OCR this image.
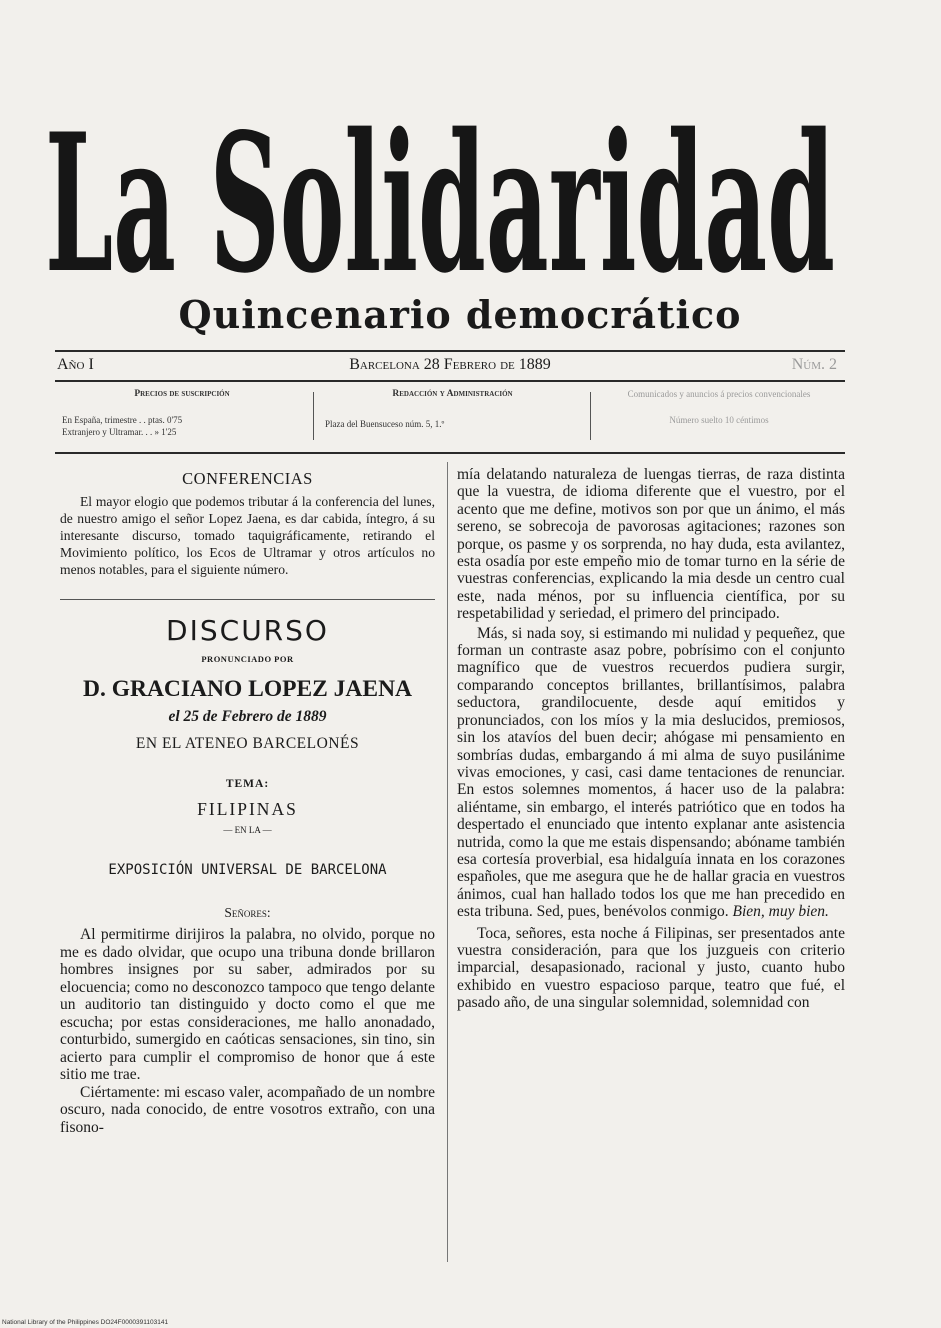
La Solidaridad
Quincenario democrático
Año I	Barcelona 28 Febrero de 1889	Núm. 2
Precios de suscripción
En España, trimestre . . ptas. 0'75
Extranjero y Ultramar. . . » 1'25
Redacción y Administración
Plaza del Buensuceso núm. 5, 1.º
Comunicados y anuncios á precios convencionales
Número suelto 10 céntimos
CONFERENCIAS

El mayor elogio que podemos tributar á la conferencia del lunes, de nuestro amigo el señor Lopez Jaena, es dar cabida, íntegro, á su interesante discurso, tomado taquigráficamente, retirando el Movimiento político, los Ecos de Ultramar y otros artículos no menos notables, para el siguiente número.

DISCURSO
PRONUNCIADO POR
D. GRACIANO LOPEZ JAENA
el 25 de Febrero de 1889
EN EL ATENEO BARCELONÉS
TEMA:
FILIPINAS
— EN LA —
EXPOSICIÓN UNIVERSAL DE BARCELONA
Señores:

Al permitirme dirijiros la palabra, no olvido, porque no me es dado olvidar, que ocupo una tribuna donde brillaron hombres insignes por su saber, admirados por su elocuencia; como no desconozco tampoco que tengo delante un auditorio tan distinguido y docto como el que me escucha; por estas consideraciones, me hallo anonadado, conturbido, sumergido en caóticas sensaciones, sin tino, sin acierto para cumplir el compromiso de honor que á este sitio me trae.

Ciértamente: mi escaso valer, acompañado de un nombre oscuro, nada conocido, de entre vosotros extraño, con una fisono-

mía delatando naturaleza de luengas tierras, de raza distinta que la vuestra, de idioma diferente que el vuestro, por el acento que me define, motivos son por que un ánimo, el más sereno, se sobrecoja de pavorosas agitaciones; razones son porque, os pasme y os sorprenda, no hay duda, esta avilantez, esta osadía por este empeño mio de tomar turno en la série de vuestras conferencias, explicando la mia desde un centro cual este, nada ménos, por su influencia científica, por su respetabilidad y seriedad, el primero del principado.

Más, si nada soy, si estimando mi nulidad y pequeñez, que forman un contraste asaz pobre, pobrísimo con el conjunto magnífico que de vuestros recuerdos pudiera surgir, comparando conceptos brillantes, brillantísimos, palabra seductora, grandilocuente, desde aquí emitidos y pronunciados, con los míos y la mia deslucidos, premiosos, sin los atavíos del buen decir; ahógase mi pensamiento en sombrías dudas, embargando á mi alma de suyo pusilánime vivas emociones, y casi, casi dame tentaciones de renunciar. En estos solemnes momentos, á hacer uso de la palabra: aliéntame, sin embargo, el interés patriótico que en todos ha despertado el enunciado que intento explanar ante asistencia nutrida, como la que me estais dispensando; abóname también esa cortesía proverbial, esa hidalguía innata en los corazones españoles, que me asegura que he de hallar gracia en vuestros ánimos, cual han hallado todos los que me han precedido en esta tribuna. Sed, pues, benévolos conmigo. Bien, muy bien.

Toca, señores, esta noche á Filipinas, ser presentados ante vuestra consideración, para que los juzgueis con criterio imparcial, desapasionado, racional y justo, cuanto hubo exhibido en vuestro espacioso parque, teatro que fué, el pasado año, de una singular solemnidad, solemnidad con

National Library of the Philippines DO24F0000391103141
